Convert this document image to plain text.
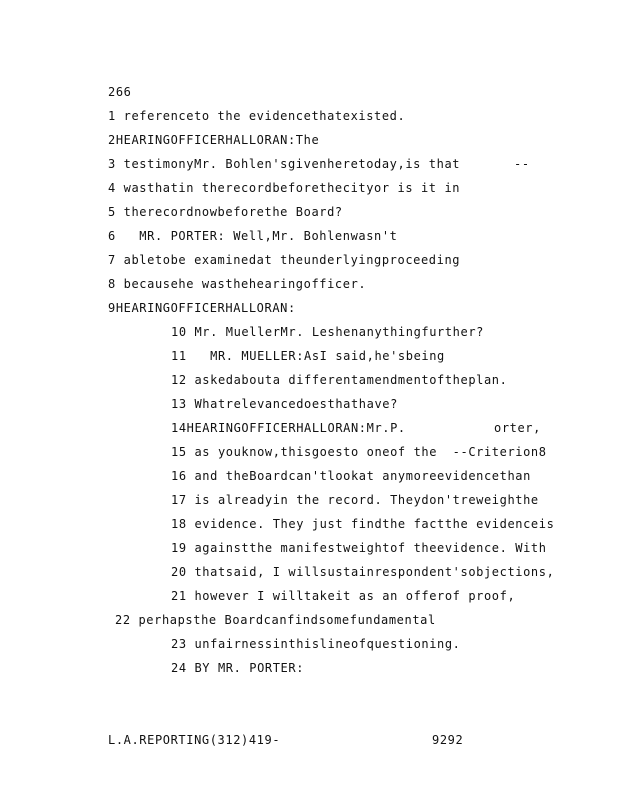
266
1 referenceto the evidencethatexisted.
2HEARINGOFFICERHALLORAN:The
3 testimonyMr. Bohlen'sgivenheretoday,is that	--
4 wasthatin therecordbeforethecityor is it in
5 therecordnowbeforethe Board?
6   MR. PORTER: Well,Mr. Bohlenwasn't
7 abletobe examinedat theunderlyingproceeding
8 becausehe wasthehearingofficer.
9HEARINGOFFICERHALLORAN:
10 Mr. MuellerMr. Leshenanythingfurther?
11   MR. MUELLER:AsI said,he'sbeing
12 askedabouta differentamendmentoftheplan.
13 Whatrelevancedoesthathave?
14HEARINGOFFICERHALLORAN:Mr.P.	orter,
15 as youknow,thisgoesto oneof the  --Criterion8
16 and theBoardcan'tlookat anymoreevidencethan
17 is alreadyin the record. Theydon'treweighthe
18 evidence. They just findthe factthe evidenceis
19 againstthe manifestweightof theevidence. With
20 thatsaid, I willsustainrespondent'sobjections,
21 however I willtakeit as an offerof proof,
22 perhapsthe Boardcanfindsomefundamental
23 unfairnessinthislineofquestioning.
24 BY MR. PORTER:
L.A.REPORTING(312)419-	9292
